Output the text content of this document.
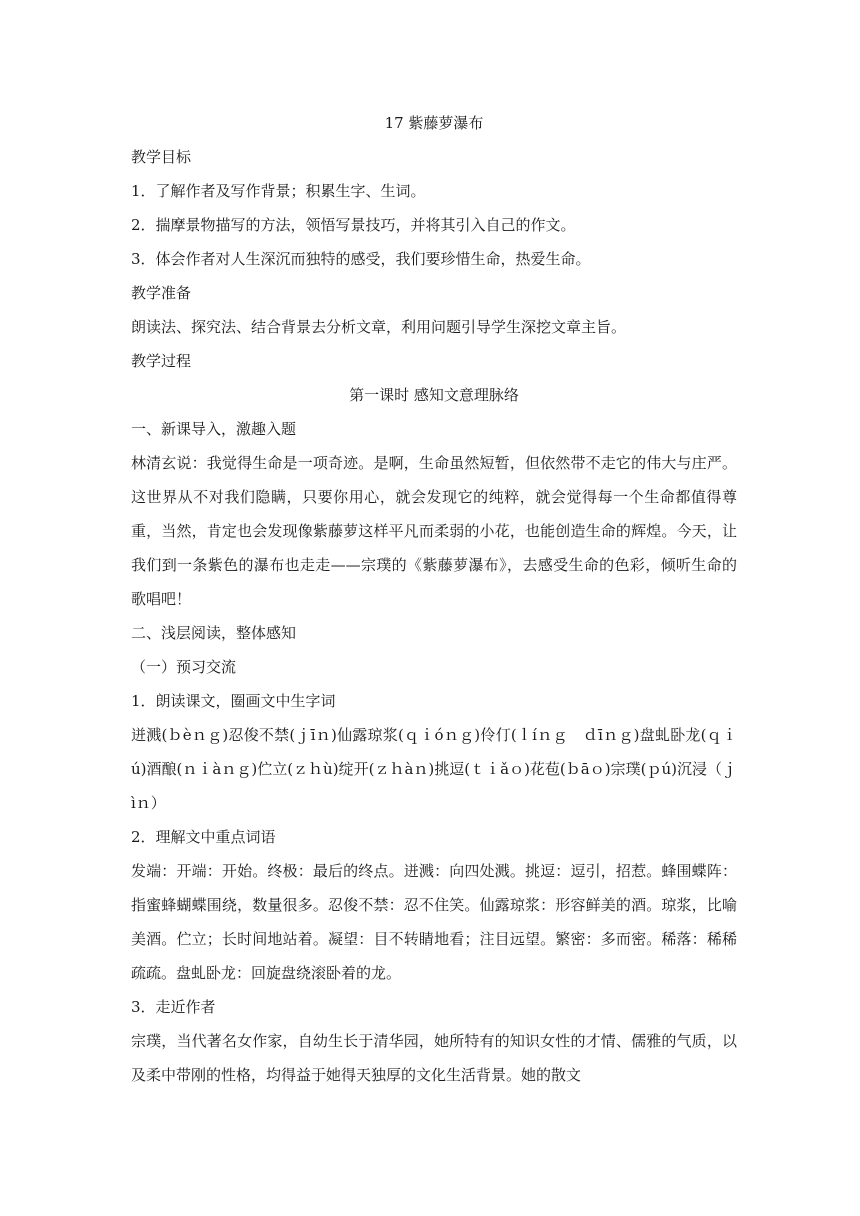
17 紫藤萝瀑布
教学目标
1．了解作者及写作背景；积累生字、生词。
2．揣摩景物描写的方法，领悟写景技巧，并将其引入自己的作文。
3．体会作者对人生深沉而独特的感受，我们要珍惜生命，热爱生命。
教学准备
朗读法、探究法、结合背景去分析文章，利用问题引导学生深挖文章主旨。
教学过程
第一课时 感知文意理脉络
一、新课导入，激趣入题
林清玄说：我觉得生命是一项奇迹。是啊，生命虽然短暂，但依然带不走它的伟大与庄严。这世界从不对我们隐瞒，只要你用心，就会发现它的纯粹，就会觉得每一个生命都值得尊重，当然，肯定也会发现像紫藤萝这样平凡而柔弱的小花，也能创造生命的辉煌。今天，让我们到一条紫色的瀑布也走走——宗璞的《紫藤萝瀑布》，去感受生命的色彩，倾听生命的歌唱吧！
二、浅层阅读，整体感知
（一）预习交流
1．朗读课文，圈画文中生字词
迸溅(ｂèｎｇ)忍俊不禁(ｊīｎ)仙露琼浆(ｑｉóｎｇ)伶仃(ｌíｎｇ　ｄīｎｇ)盘虬卧龙(ｑｉú)酒酿(ｎｉàｎｇ)伫立(ｚｈù)绽开(ｚｈàｎ)挑逗(ｔｉǎｏ)花苞(ｂāｏ)宗璞(ｐú)沉浸（ｊìｎ）
2．理解文中重点词语
发端：开端：开始。终极：最后的终点。迸溅：向四处溅。挑逗：逗引，招惹。蜂围蝶阵：指蜜蜂蝴蝶围绕，数量很多。忍俊不禁：忍不住笑。仙露琼浆：形容鲜美的酒。琼浆，比喻美酒。伫立；长时间地站着。凝望：目不转睛地看；注目远望。繁密：多而密。稀落：稀稀疏疏。盘虬卧龙：回旋盘绕滚卧着的龙。
3．走近作者
宗璞，当代著名女作家，自幼生长于清华园，她所特有的知识女性的才情、儒雅的气质，以及柔中带刚的性格，均得益于她得天独厚的文化生活背景。她的散文
